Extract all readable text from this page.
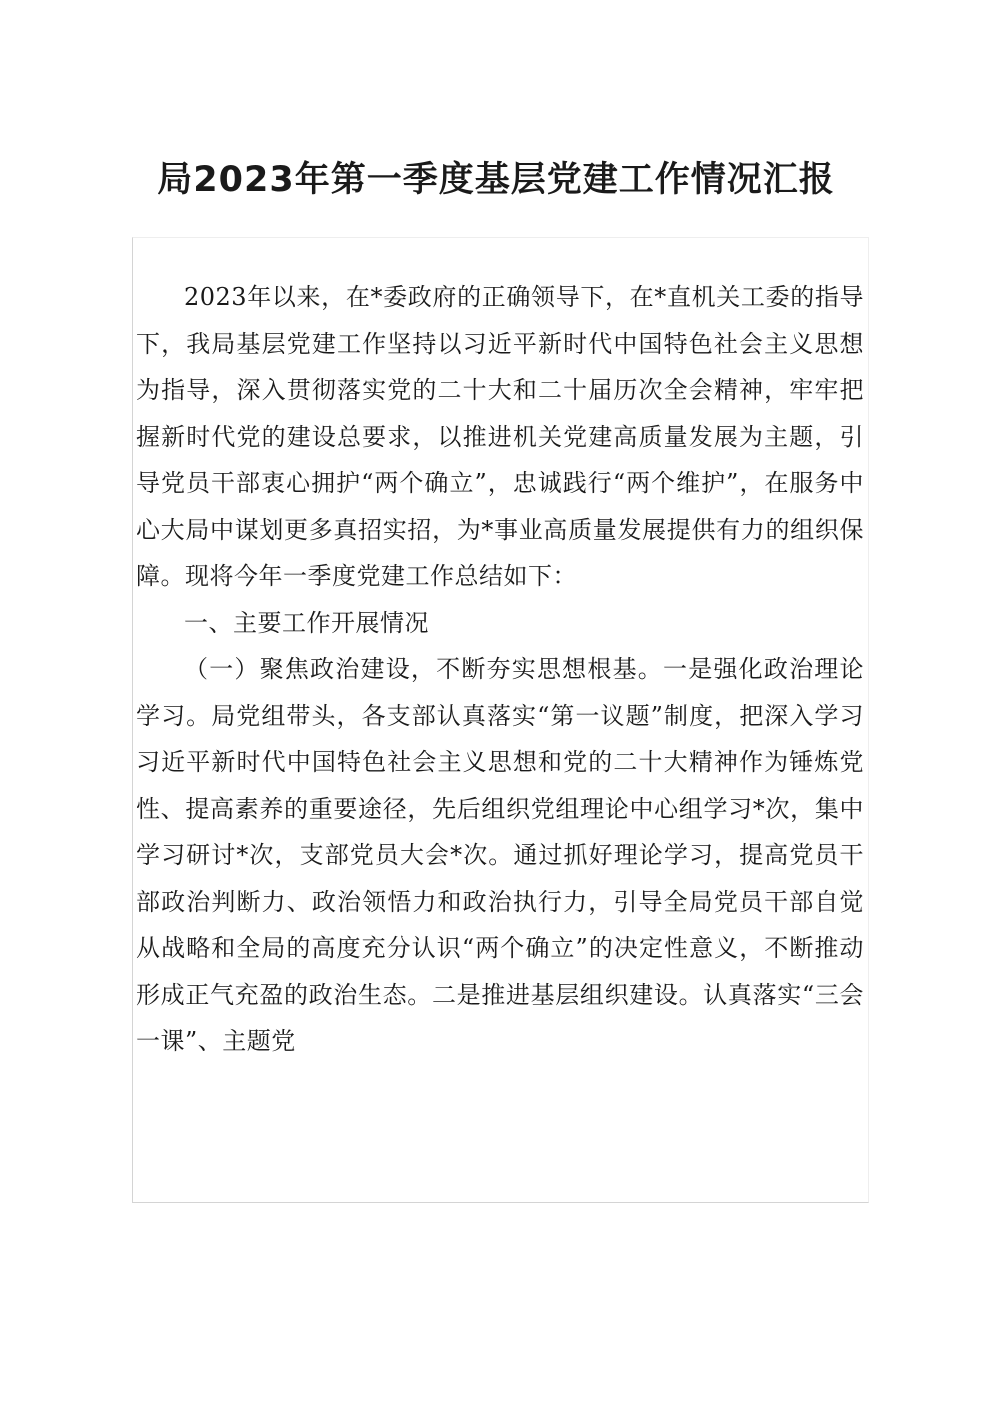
局2023年第一季度基层党建工作情况汇报

2023年以来，在*委政府的正确领导下，在*直机关工委的指导下，我局基层党建工作坚持以习近平新时代中国特色社会主义思想为指导，深入贯彻落实党的二十大和二十届历次全会精神，牢牢把握新时代党的建设总要求，以推进机关党建高质量发展为主题，引导党员干部衷心拥护“两个确立”，忠诚践行“两个维护”，在服务中心大局中谋划更多真招实招，为*事业高质量发展提供有力的组织保障。现将今年一季度党建工作总结如下：

一、主要工作开展情况

（一）聚焦政治建设，不断夯实思想根基。一是强化政治理论学习。局党组带头，各支部认真落实“第一议题”制度，把深入学习习近平新时代中国特色社会主义思想和党的二十大精神作为锤炼党性、提高素养的重要途径，先后组织党组理论中心组学习*次，集中学习研讨*次，支部党员大会*次。通过抓好理论学习，提高党员干部政治判断力、政治领悟力和政治执行力，引导全局党员干部自觉从战略和全局的高度充分认识“两个确立”的决定性意义，不断推动形成正气充盈的政治生态。二是推进基层组织建设。认真落实“三会一课”、主题党
